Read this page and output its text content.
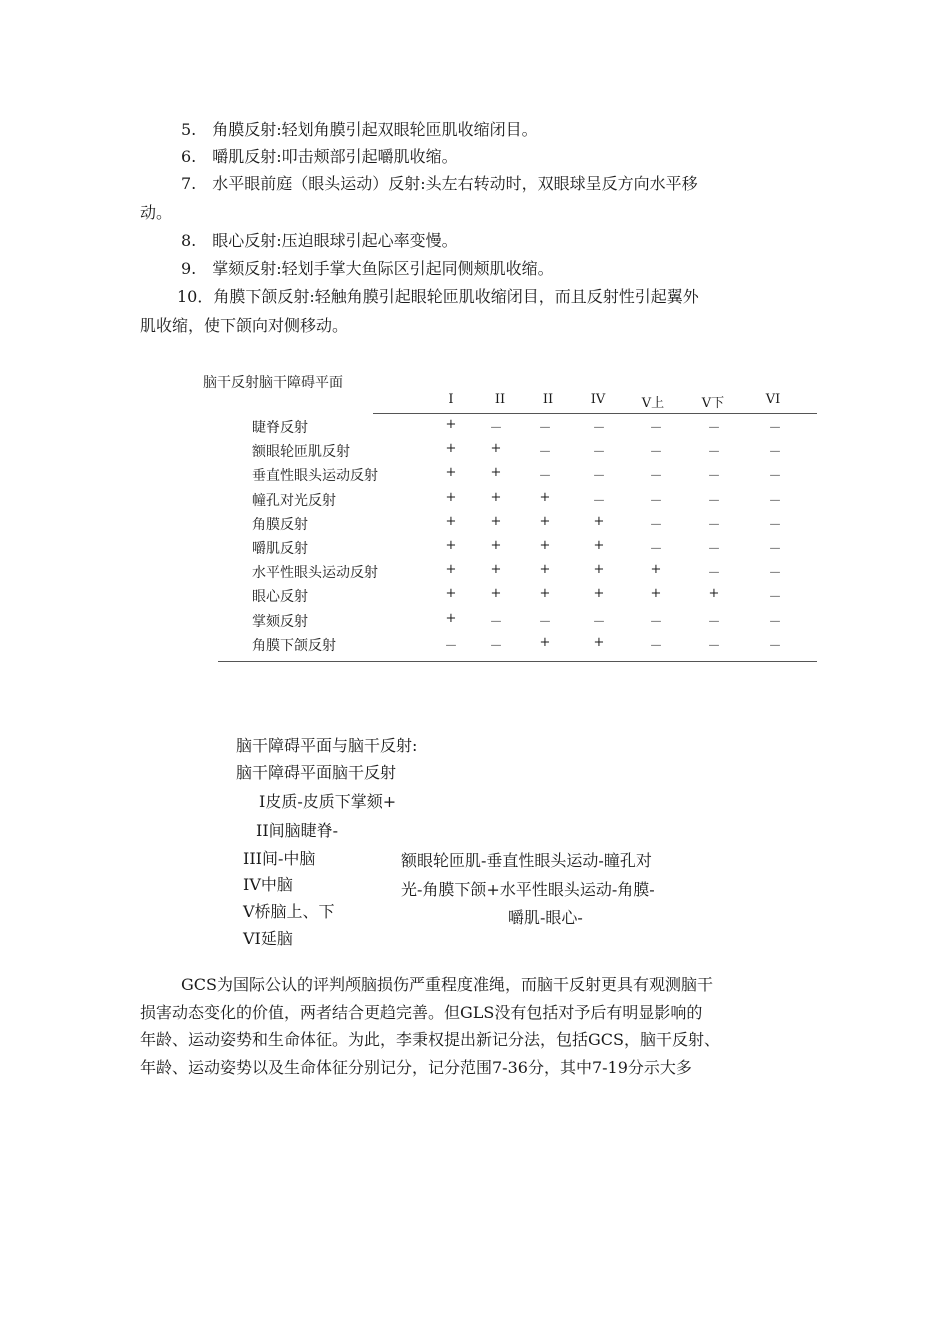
5.　角膜反射:轻划角膜引起双眼轮匝肌收缩闭目。
6.　嚼肌反射:叩击颊部引起嚼肌收缩。
7.　水平眼前庭（眼头运动）反射:头左右转动时，双眼球呈反方向水平移
动。
8.　眼心反射:压迫眼球引起心率变慢。
9.　掌颏反射:轻划手掌大鱼际区引起同侧颊肌收缩。
10．角膜下颌反射:轻触角膜引起眼轮匝肌收缩闭目，而且反射性引起翼外
肌收缩，使下颌向对侧移动。
脑干反射脑干障碍平面
I	II	II	IV	V上	V下	VI
睫脊反射	+	－	－	－	－	－	－
额眼轮匝肌反射	+	+	－	－	－	－	－
垂直性眼头运动反射	+	+	－	－	－	－	－
幢孔对光反射	+	+	+	－	－	－	－
角膜反射	+	+	+	+	－	－	－
嚼肌反射	+	+	+	+	－	－	－
水平性眼头运动反射	+	+	+	+	+	－	－
眼心反射	+	+	+	+	+	+	－
掌颏反射	+	－	－	－	－	－	－
角膜下颌反射	－	－	+	+	－	－	－
脑干障碍平面与脑干反射:
脑干障碍平面脑干反射
Ⅰ皮质-皮质下掌颏+
II间脑睫脊-
III间-中脑
IV中脑
V桥脑上、下
VI延脑
额眼轮匝肌-垂直性眼头运动-瞳孔对
光-角膜下颌+水平性眼头运动-角膜-
嚼肌-眼心-
GCS为国际公认的评判颅脑损伤严重程度准绳，而脑干反射更具有观测脑干
损害动态变化的价值，两者结合更趋完善。但GLS没有包括对予后有明显影响的
年龄、运动姿势和生命体征。为此，李秉权提出新记分法，包括GCS，脑干反射、
年龄、运动姿势以及生命体征分别记分，记分范围7-36分，其中7-19分示大多
